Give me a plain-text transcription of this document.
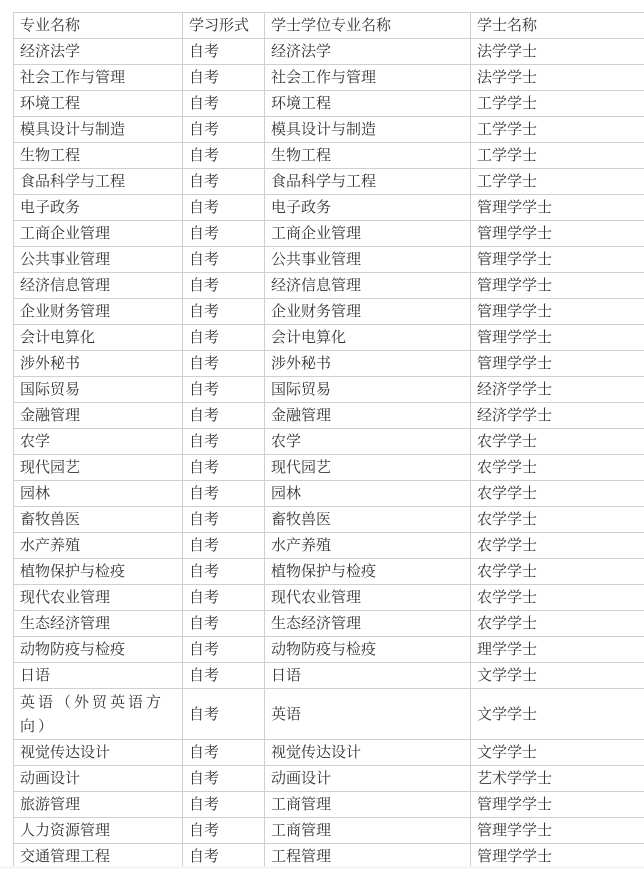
专业名称	学习形式	学士学位专业名称	学士名称
经济法学	自考	经济法学	法学学士
社会工作与管理	自考	社会工作与管理	法学学士
环境工程	自考	环境工程	工学学士
模具设计与制造	自考	模具设计与制造	工学学士
生物工程	自考	生物工程	工学学士
食品科学与工程	自考	食品科学与工程	工学学士
电子政务	自考	电子政务	管理学学士
工商企业管理	自考	工商企业管理	管理学学士
公共事业管理	自考	公共事业管理	管理学学士
经济信息管理	自考	经济信息管理	管理学学士
企业财务管理	自考	企业财务管理	管理学学士
会计电算化	自考	会计电算化	管理学学士
涉外秘书	自考	涉外秘书	管理学学士
国际贸易	自考	国际贸易	经济学学士
金融管理	自考	金融管理	经济学学士
农学	自考	农学	农学学士
现代园艺	自考	现代园艺	农学学士
园林	自考	园林	农学学士
畜牧兽医	自考	畜牧兽医	农学学士
水产养殖	自考	水产养殖	农学学士
植物保护与检疫	自考	植物保护与检疫	农学学士
现代农业管理	自考	现代农业管理	农学学士
生态经济管理	自考	生态经济管理	农学学士
动物防疫与检疫	自考	动物防疫与检疫	理学学士
日语	自考	日语	文学学士
英语（外贸英语方向）	自考	英语	文学学士
视觉传达设计	自考	视觉传达设计	文学学士
动画设计	自考	动画设计	艺术学学士
旅游管理	自考	工商管理	管理学学士
人力资源管理	自考	工商管理	管理学学士
交通管理工程	自考	工程管理	管理学学士
